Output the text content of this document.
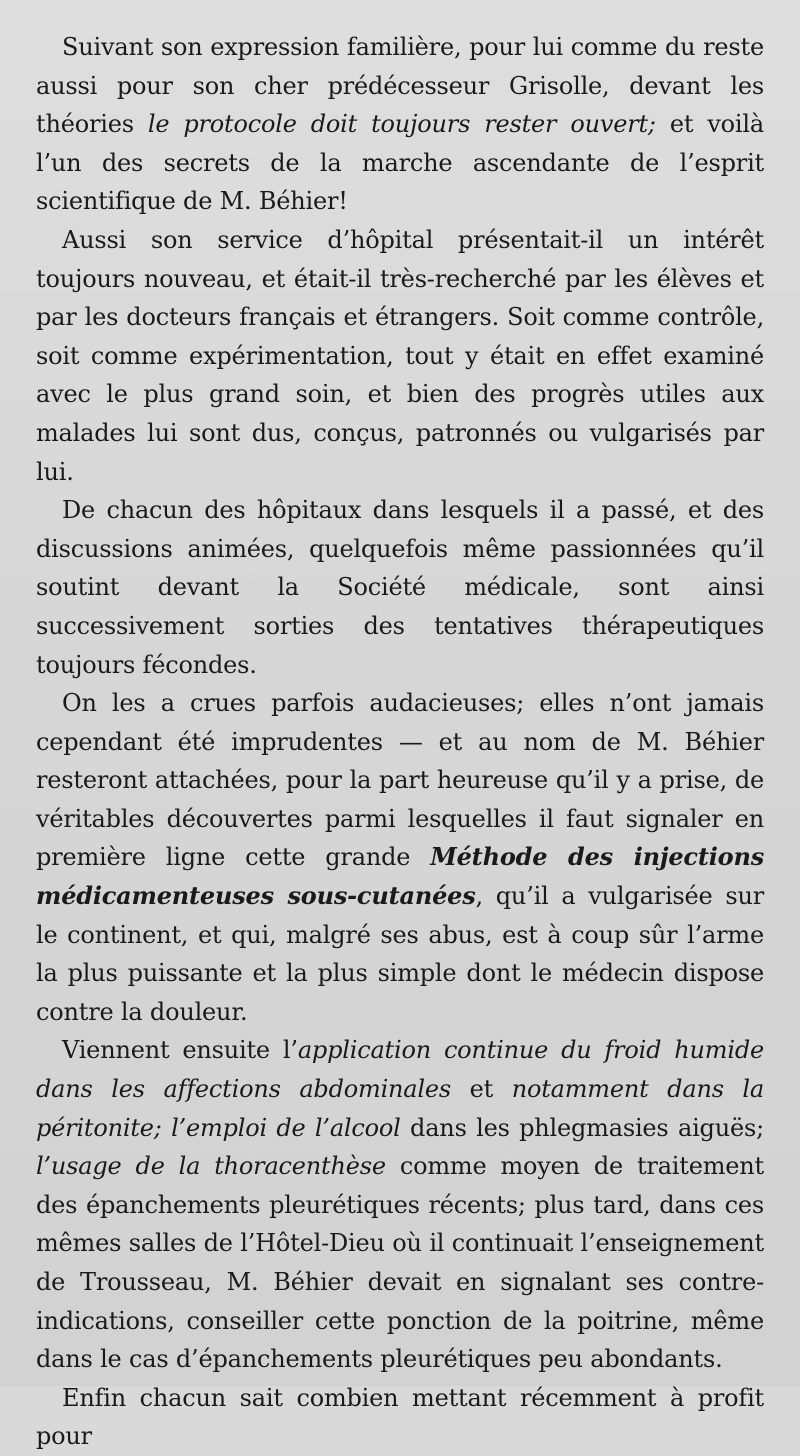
Suivant son expression familière, pour lui comme du reste aussi pour son cher prédécesseur Grisolle, devant les théories le protocole doit toujours rester ouvert; et voilà l’un des secrets de la marche ascendante de l’esprit scientifique de M. Béhier!

Aussi son service d’hôpital présentait-il un intérêt toujours nouveau, et était-il très-recherché par les élèves et par les docteurs français et étrangers. Soit comme contrôle, soit comme expérimentation, tout y était en effet examiné avec le plus grand soin, et bien des progrès utiles aux malades lui sont dus, conçus, patronnés ou vulgarisés par lui.

De chacun des hôpitaux dans lesquels il a passé, et des discussions animées, quelquefois même passionnées qu’il soutint devant la Société médicale, sont ainsi successivement sorties des tentatives thérapeutiques toujours fécondes.

On les a crues parfois audacieuses; elles n’ont jamais cependant été imprudentes — et au nom de M. Béhier resteront attachées, pour la part heureuse qu’il y a prise, de véritables découvertes parmi lesquelles il faut signaler en première ligne cette grande Méthode des injections médicamenteuses sous-cutanées, qu’il a vulgarisée sur le continent, et qui, malgré ses abus, est à coup sûr l’arme la plus puissante et la plus simple dont le médecin dispose contre la douleur.

Viennent ensuite l’application continue du froid humide dans les affections abdominales et notamment dans la péritonite; l’emploi de l’alcool dans les phlegmasies aiguës; l’usage de la thoracenthèse comme moyen de traitement des épanchements pleurétiques récents; plus tard, dans ces mêmes salles de l’Hôtel-Dieu où il continuait l’enseignement de Trousseau, M. Béhier devait en signalant ses contre-indications, conseiller cette ponction de la poitrine, même dans le cas d’épanchements pleurétiques peu abondants.

Enfin chacun sait combien mettant récemment à profit pour
